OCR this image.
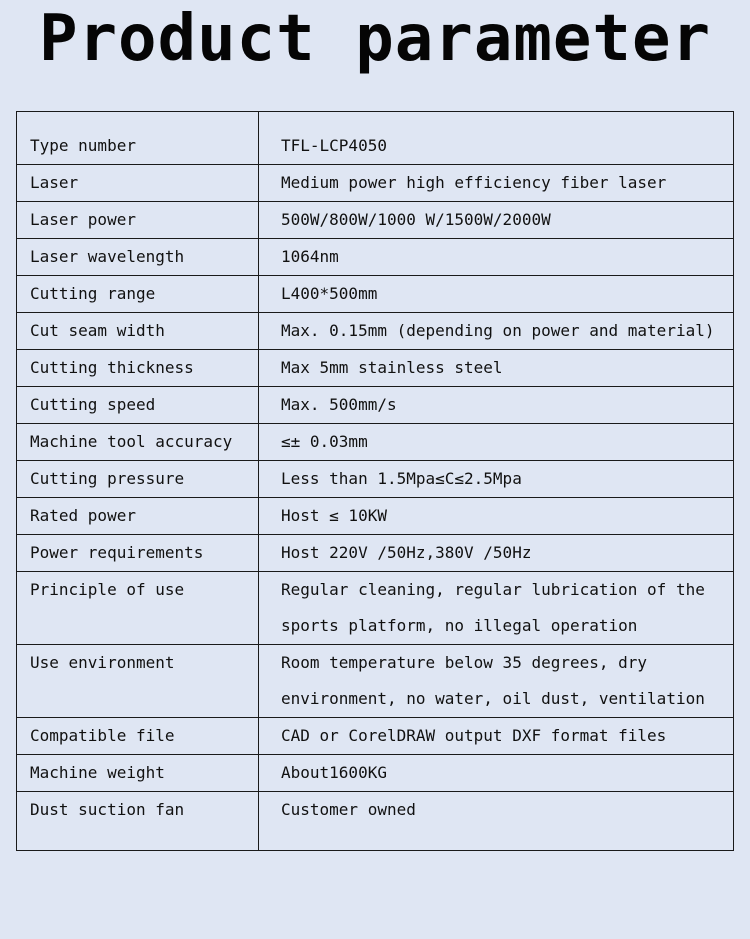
Product parameter
Type number	TFL-LCP4050
Laser	Medium power high efficiency fiber laser
Laser power	500W/800W/1000 W/1500W/2000W
Laser wavelength	1064nm
Cutting range	L400*500mm
Cut seam width	Max. 0.15mm (depending on power and material)
Cutting thickness	Max 5mm stainless steel
Cutting speed	Max. 500mm/s
Machine tool accuracy	≤± 0.03mm
Cutting pressure	Less than 1.5Mpa≤C≤2.5Mpa
Rated power	Host ≤ 10KW
Power requirements	Host 220V /50Hz,380V /50Hz
Principle of use	Regular cleaning, regular lubrication of the sports platform, no illegal operation
Use environment	Room temperature below 35 degrees, dry environment, no water, oil dust, ventilation
Compatible file	CAD or CorelDRAW output DXF format files
Machine weight	About1600KG
Dust suction fan	Customer owned
